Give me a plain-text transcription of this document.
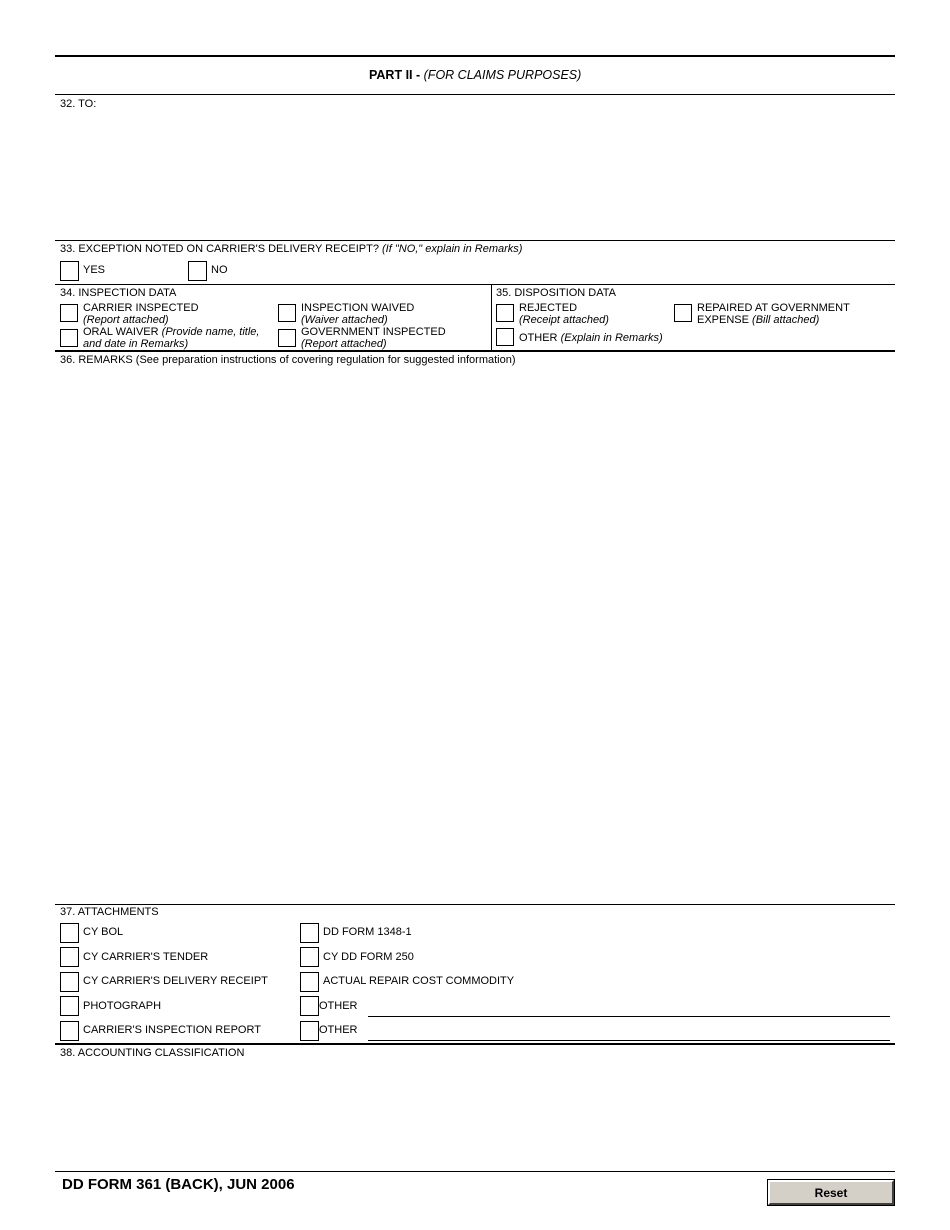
PART II - (FOR CLAIMS PURPOSES)
32. TO:
33. EXCEPTION NOTED ON CARRIER'S DELIVERY RECEIPT? (If "NO," explain in Remarks)
YES	NO
34. INSPECTION DATA
CARRIER INSPECTED
(Report attached)
ORAL WAIVER (Provide name, title,
and date in Remarks)
INSPECTION WAIVED
(Waiver attached)
GOVERNMENT INSPECTED
(Report attached)
35. DISPOSITION DATA
REJECTED
(Receipt attached)
OTHER (Explain in Remarks)
REPAIRED AT GOVERNMENT
EXPENSE (Bill attached)
36. REMARKS (See preparation instructions of covering regulation for suggested information)
37. ATTACHMENTS
CY BOL
CY CARRIER'S TENDER
CY CARRIER'S DELIVERY RECEIPT
PHOTOGRAPH
CARRIER'S INSPECTION REPORT
DD FORM 1348-1
CY DD FORM 250
ACTUAL REPAIR COST COMMODITY
OTHER
OTHER
38. ACCOUNTING CLASSIFICATION
DD FORM 361 (BACK), JUN 2006	Reset
